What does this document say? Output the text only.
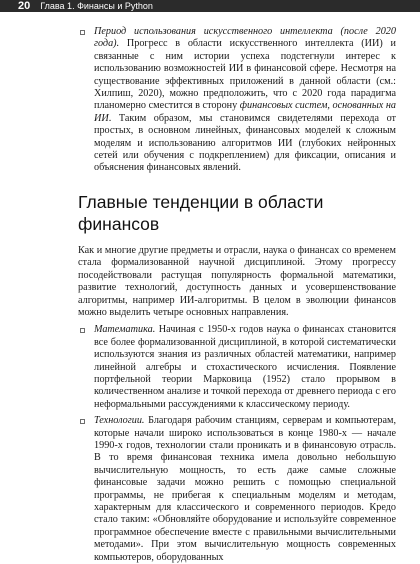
20 Глава 1. Финансы и Python
Период использования искусственного интеллекта (после 2020 года). Прогресс в области искусственного интеллекта (ИИ) и связанные с ним истории успеха подстегнули интерес к использованию возможностей ИИ в финансовой сфере. Несмотря на существование эффективных приложений в данной области (см.: Хилпиш, 2020), можно предположить, что с 2020 года парадигма планомерно сместится в сторону финансовых систем, основанных на ИИ. Таким образом, мы становимся свидетелями перехода от простых, в основном линейных, финансовых моделей к сложным моделям и использованию алгоритмов ИИ (глубоких нейронных сетей или обучения с подкреплением) для фиксации, описания и объяснения финансовых явлений.
Главные тенденции в области финансов
Как и многие другие предметы и отрасли, наука о финансах со временем стала формализованной научной дисциплиной. Этому прогрессу посодействовали растущая популярность формальной математики, развитие технологий, доступность данных и усовершенствование алгоритмы, например ИИ-алгоритмы. В целом в эволюции финансов можно выделить четыре основных направления.
Математика. Начиная с 1950-х годов наука о финансах становится все более формализованной дисциплиной, в которой систематически используются знания из различных областей математики, например линейной алгебры и стохастического исчисления. Появление портфельной теории Марковица (1952) стало прорывом в количественном анализе и точкой перехода от древнего периода с его неформальными рассуждениями к классическому периоду.
Технологии. Благодаря рабочим станциям, серверам и компьютерам, которые начали широко использоваться в конце 1980-х — начале 1990-х годов, технологии стали проникать и в финансовую отрасль. В то время финансовая техника имела довольно небольшую вычислительную мощность, то есть даже самые сложные финансовые задачи можно решить с помощью специальной программы, не прибегая к специальным моделям и методам, характерным для классического и современного периодов. Кредо стало таким: «Обновляйте оборудование и используйте современное программное обеспечение вместе с правильными вычислительными методами». При этом вычислительную мощность современных компьютеров, оборудованных
